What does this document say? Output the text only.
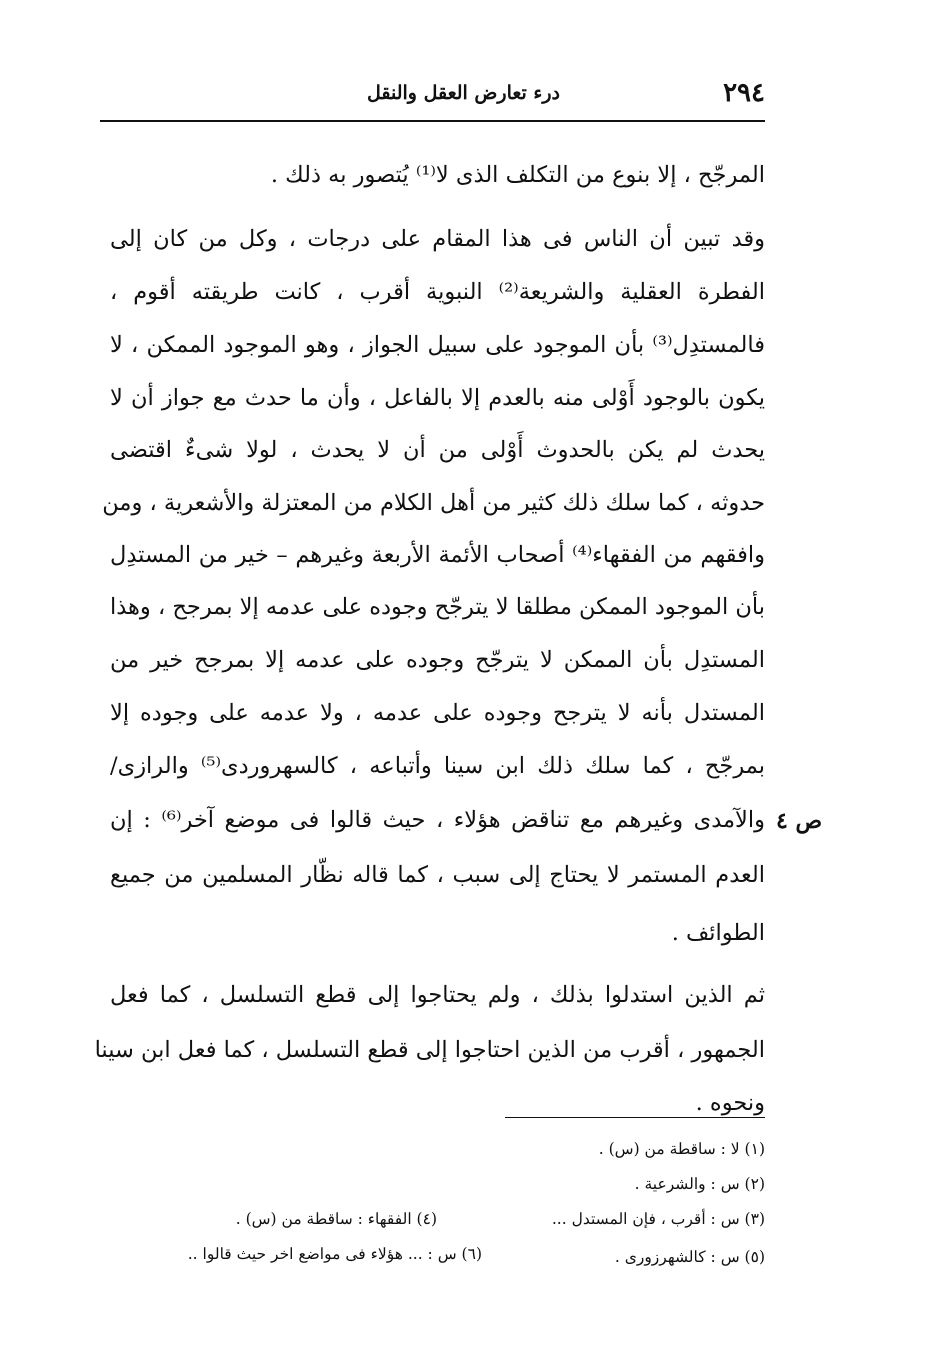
٢٩٤
درء تعارض العقل والنقل
المرجّح ، إلا بنوع من التكلف الذى لا⁽¹⁾ يُتصور به ذلك .
وقد تبين أن الناس فى هذا المقام على درجات ، وكل من كان إلى
الفطرة العقلية والشريعة⁽²⁾ النبوية أقرب ، كانت طريقته أقوم ،
فالمستدِل⁽³⁾ بأن الموجود على سبيل الجواز ، وهو الموجود الممكن ، لا
يكون بالوجود أَوْلى منه بالعدم إلا بالفاعل ، وأن ما حدث مع جواز أن لا
يحدث لم يكن بالحدوث أَوْلى من أن لا يحدث ، لولا شىءٌ اقتضى
حدوثه ، كما سلك ذلك كثير من أهل الكلام من المعتزلة والأشعرية ، ومن
وافقهم من الفقهاء⁽⁴⁾ أصحاب الأئمة الأربعة وغيرهم – خير من المستدِل
بأن الموجود الممكن مطلقا لا يترجّح وجوده على عدمه إلا بمرجح ، وهذا
المستدِل بأن الممكن لا يترجّح وجوده على عدمه إلا بمرجح خير من
المستدل بأنه لا يترجح وجوده على عدمه ، ولا عدمه على وجوده إلا
بمرجّح ، كما سلك ذلك ابن سينا وأتباعه ، كالسهروردى⁽⁵⁾ والرازى/
والآمدى وغيرهم مع تناقض هؤلاء ، حيث قالوا فى موضع آخر⁽⁶⁾ : إن
العدم المستمر لا يحتاج إلى سبب ، كما قاله نظّار المسلمين من جميع
الطوائف .
ثم الذين استدلوا بذلك ، ولم يحتاجوا إلى قطع التسلسل ، كما فعل
الجمهور ، أقرب من الذين احتاجوا إلى قطع التسلسل ، كما فعل ابن سينا
ونحوه .
ص ٤
(١) لا : ساقطة من (س) .
(٢) س : والشرعية .
(٣) س : أقرب ، فإن المستدل ...
(٤) الفقهاء : ساقطة من (س) .
(٥) س : كالشهرزورى .
(٦) س : ... هؤلاء فى مواضع اخر حيث قالوا ..
